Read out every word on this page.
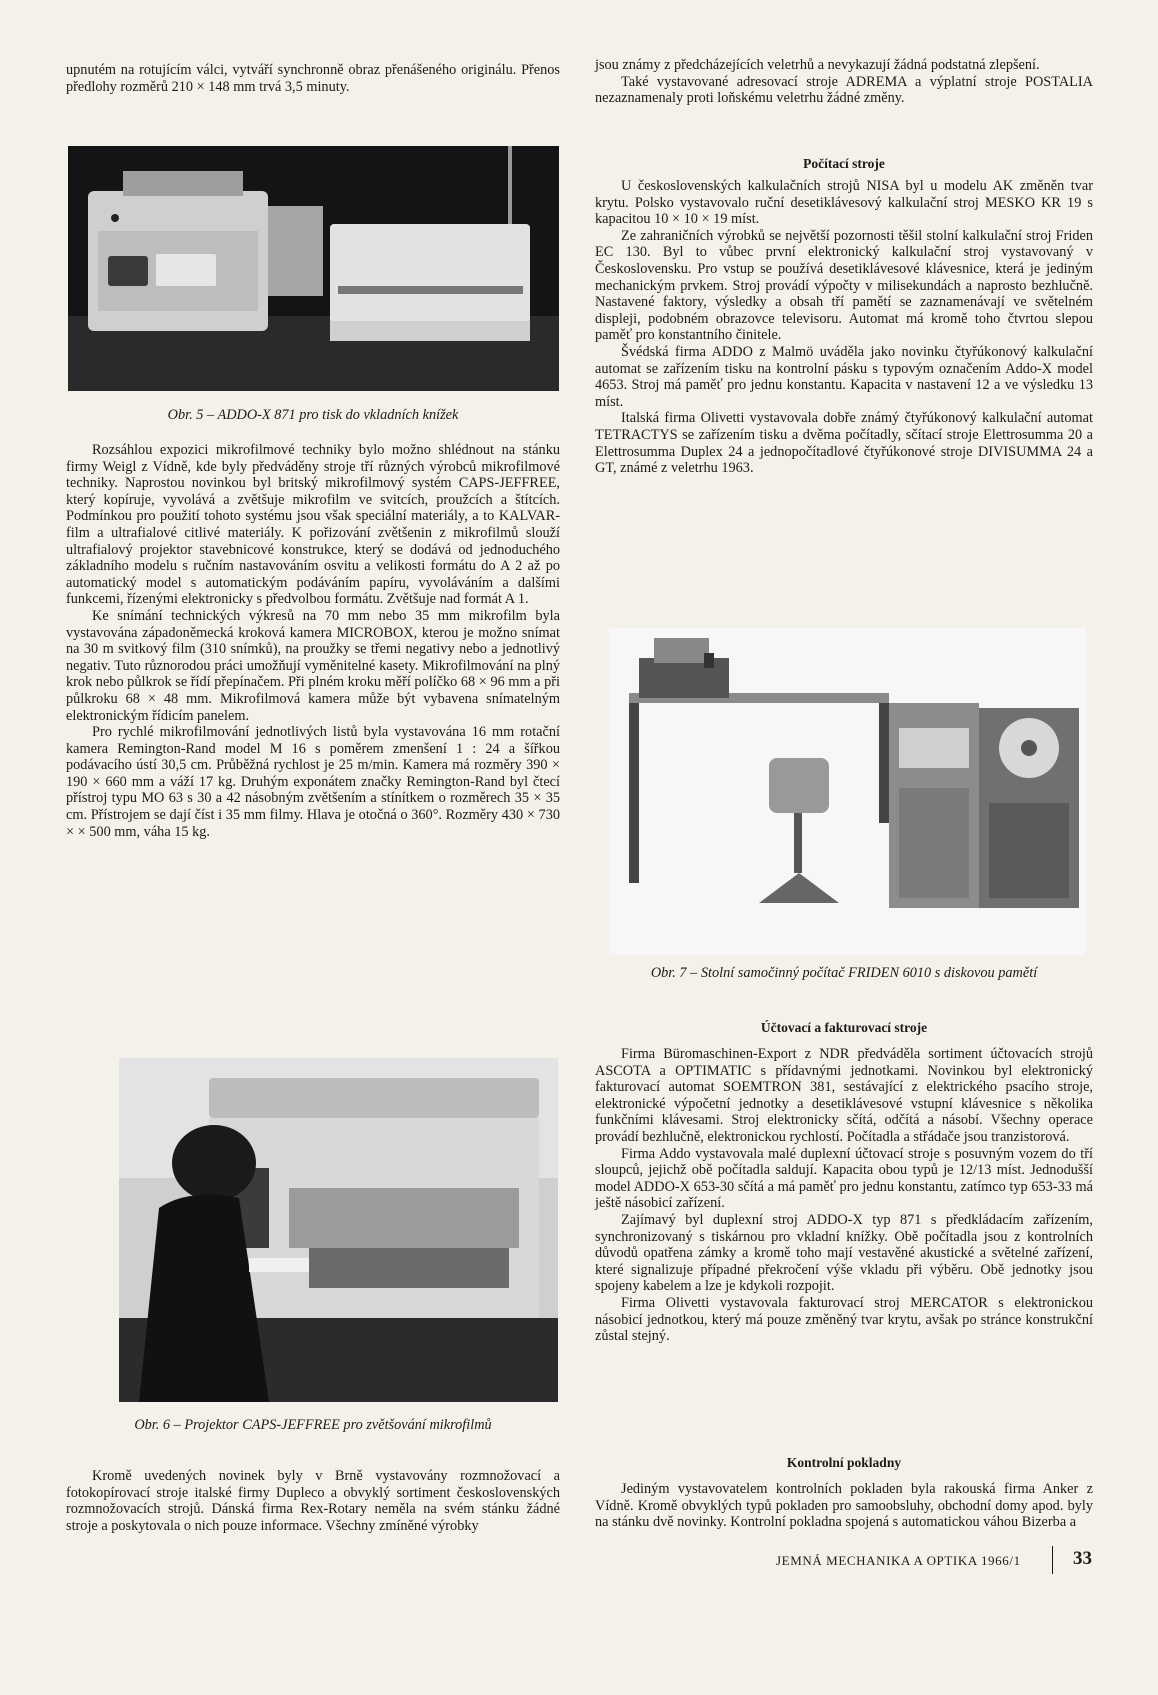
upnutém na rotujícím válci, vytváří synchronně obraz přenášeného originálu. Přenos předlohy rozměrů 210 × 148 mm trvá 3,5 minuty.

Obr. 5 – ADDO-X 871 pro tisk do vkladních knížek

Rozsáhlou expozici mikrofilmové techniky bylo možno shlédnout na stánku firmy Weigl z Vídně, kde byly předváděny stroje tří různých výrobců mikrofilmové techniky. Naprostou novinkou byl britský mikrofilmový systém CAPS-JEFFREE, který kopíruje, vyvolává a zvětšuje mikrofilm ve svitcích, proužcích a štítcích. Podmínkou pro použití tohoto systému jsou však speciální materiály, a to KALVAR-film a ultrafialové citlivé materiály. K pořizování zvětšenin z mikrofilmů slouží ultrafialový projektor stavebnicové konstrukce, který se dodává od jednoduchého základního modelu s ručním nastavováním osvitu a velikosti formátu do A 2 až po automatický model s automatickým podáváním papíru, vyvoláváním a dalšími funkcemi, řízenými elektronicky s předvolbou formátu. Zvětšuje nad formát A 1.

Ke snímání technických výkresů na 70 mm nebo 35 mm mikrofilm byla vystavována západoněmecká kroková kamera MICROBOX, kterou je možno snímat na 30 m svitkový film (310 snímků), na proužky se třemi negativy nebo a jednotlivý negativ. Tuto různorodou práci umožňují vyměnitelné kasety. Mikrofilmování na plný krok nebo půlkrok se řídí přepínačem. Při plném kroku měří políčko 68 × 96 mm a při půlkroku 68 × 48 mm. Mikrofilmová kamera může být vybavena snímatelným elektronickým řídicím panelem.

Pro rychlé mikrofilmování jednotlivých listů byla vystavována 16 mm rotační kamera Remington-Rand model M 16 s poměrem zmenšení 1 : 24 a šířkou podávacího ústí 30,5 cm. Průběžná rychlost je 25 m/min. Kamera má rozměry 390 × 190 × 660 mm a váží 17 kg. Druhým exponátem značky Remington-Rand byl čtecí přístroj typu MO 63 s 30 a 42 násobným zvětšením a stínítkem o rozměrech 35 × 35 cm. Přístrojem se dají číst i 35 mm filmy. Hlava je otočná o 360°. Rozměry 430 × 730 × × 500 mm, váha 15 kg.

Obr. 6 – Projektor CAPS-JEFFREE pro zvětšování mikrofilmů

Kromě uvedených novinek byly v Brně vystavovány rozmnožovací a fotokopírovací stroje italské firmy Dupleco a obvyklý sortiment československých rozmnožovacích strojů. Dánská firma Rex-Rotary neměla na svém stánku žádné stroje a poskytovala o nich pouze informace. Všechny zmíněné výrobky

jsou známy z předcházejících veletrhů a nevykazují žádná podstatná zlepšení.

Také vystavované adresovací stroje ADREMA a výplatní stroje POSTALIA nezaznamenaly proti loňskému veletrhu žádné změny.

Počítací stroje

U československých kalkulačních strojů NISA byl u modelu AK změněn tvar krytu. Polsko vystavovalo ruční desetiklávesový kalkulační stroj MESKO KR 19 s kapacitou 10 × 10 × 19 míst.

Ze zahraničních výrobků se největší pozornosti těšil stolní kalkulační stroj Friden EC 130. Byl to vůbec první elektronický kalkulační stroj vystavovaný v Československu. Pro vstup se používá desetiklávesové klávesnice, která je jediným mechanickým prvkem. Stroj provádí výpočty v milisekundách a naprosto bezhlučně. Nastavené faktory, výsledky a obsah tří pamětí se zaznamenávají ve světelném displeji, podobném obrazovce televisoru. Automat má kromě toho čtvrtou slepou paměť pro konstantního činitele.

Švédská firma ADDO z Malmö uváděla jako novinku čtyřúkonový kalkulační automat se zařízením tisku na kontrolní pásku s typovým označením Addo-X model 4653. Stroj má paměť pro jednu konstantu. Kapacita v nastavení 12 a ve výsledku 13 míst.

Italská firma Olivetti vystavovala dobře známý čtyřúkonový kalkulační automat TETRACTYS se zařízením tisku a dvěma počítadly, sčítací stroje Elettrosumma 20 a Elettrosumma Duplex 24 a jednopočítadlové čtyřúkonové stroje DIVISUMMA 24 a GT, známé z veletrhu 1963.

Obr. 7 – Stolní samočinný počítač FRIDEN 6010 s diskovou pamětí
Účtovací a fakturovací stroje

Firma Büromaschinen-Export z NDR předváděla sortiment účtovacích strojů ASCOTA a OPTIMATIC s přídavnými jednotkami. Novinkou byl elektronický fakturovací automat SOEMTRON 381, sestávající z elektrického psacího stroje, elektronické výpočetní jednotky a desetiklávesové vstupní klávesnice s několika funkčními klávesami. Stroj elektronicky sčítá, odčítá a násobí. Všechny operace provádí bezhlučně, elektronickou rychlostí. Počítadla a střádače jsou tranzistorová.

Firma Addo vystavovala malé duplexní účtovací stroje s posuvným vozem do tří sloupců, jejichž obě počítadla saldují. Kapacita obou typů je 12/13 míst. Jednodušší model ADDO-X 653-30 sčítá a má paměť pro jednu konstantu, zatímco typ 653-33 má ještě násobicí zařízení.

Zajímavý byl duplexní stroj ADDO-X typ 871 s předkládacím zařízením, synchronizovaný s tiskárnou pro vkladní knížky. Obě počítadla jsou z kontrolních důvodů opatřena zámky a kromě toho mají vestavěné akustické a světelné zařízení, které signalizuje případné překročení výše vkladu při výběru. Obě jednotky jsou spojeny kabelem a lze je kdykoli rozpojit.

Firma Olivetti vystavovala fakturovací stroj MERCATOR s elektronickou násobicí jednotkou, který má pouze změněný tvar krytu, avšak po stránce konstrukční zůstal stejný.

Kontrolní pokladny

Jediným vystavovatelem kontrolních pokladen byla rakouská firma Anker z Vídně. Kromě obvyklých typů pokladen pro samoobsluhy, obchodní domy apod. byly na stánku dvě novinky. Kontrolní pokladna spojená s automatickou váhou Bizerba a

JEMNÁ MECHANIKA A OPTIKA 1966/1	33
